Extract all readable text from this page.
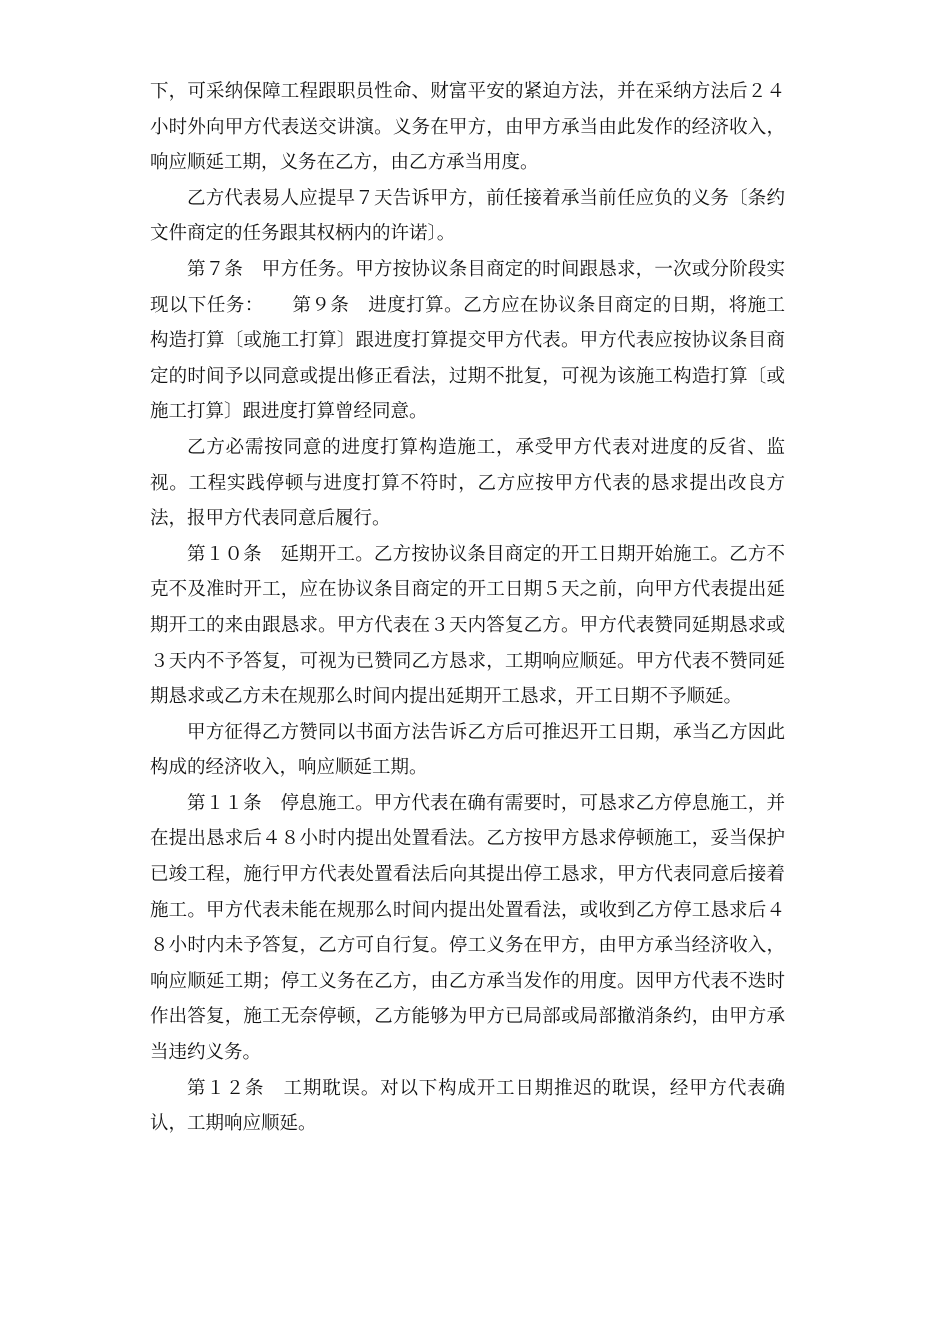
下，可采纳保障工程跟职员性命、财富平安的紧迫方法，并在采纳方法后２４小时外向甲方代表送交讲演。义务在甲方，由甲方承当由此发作的经济收入，响应顺延工期，义务在乙方，由乙方承当用度。

乙方代表易人应提早７天告诉甲方，前任接着承当前任应负的义务〔条约文件商定的任务跟其权柄内的许诺〕。

第７条　甲方任务。甲方按协议条目商定的时间跟恳求，一次或分阶段实现以下任务：　　第９条　进度打算。乙方应在协议条目商定的日期，将施工构造打算〔或施工打算〕跟进度打算提交甲方代表。甲方代表应按协议条目商定的时间予以同意或提出修正看法，过期不批复，可视为该施工构造打算〔或施工打算〕跟进度打算曾经同意。

乙方必需按同意的进度打算构造施工，承受甲方代表对进度的反省、监视。工程实践停顿与进度打算不符时，乙方应按甲方代表的恳求提出改良方法，报甲方代表同意后履行。

第１０条　延期开工。乙方按协议条目商定的开工日期开始施工。乙方不克不及准时开工，应在协议条目商定的开工日期５天之前，向甲方代表提出延期开工的来由跟恳求。甲方代表在３天内答复乙方。甲方代表赞同延期恳求或３天内不予答复，可视为已赞同乙方恳求，工期响应顺延。甲方代表不赞同延期恳求或乙方未在规那么时间内提出延期开工恳求，开工日期不予顺延。

甲方征得乙方赞同以书面方法告诉乙方后可推迟开工日期，承当乙方因此构成的经济收入，响应顺延工期。

第１１条　停息施工。甲方代表在确有需要时，可恳求乙方停息施工，并在提出恳求后４８小时内提出处置看法。乙方按甲方恳求停顿施工，妥当保护已竣工程，施行甲方代表处置看法后向其提出停工恳求，甲方代表同意后接着施工。甲方代表未能在规那么时间内提出处置看法，或收到乙方停工恳求后４８小时内未予答复，乙方可自行复。停工义务在甲方，由甲方承当经济收入，响应顺延工期；停工义务在乙方，由乙方承当发作的用度。因甲方代表不迭时作出答复，施工无奈停顿，乙方能够为甲方已局部或局部撤消条约，由甲方承当违约义务。

第１２条　工期耽误。对以下构成开工日期推迟的耽误，经甲方代表确认，工期响应顺延。
